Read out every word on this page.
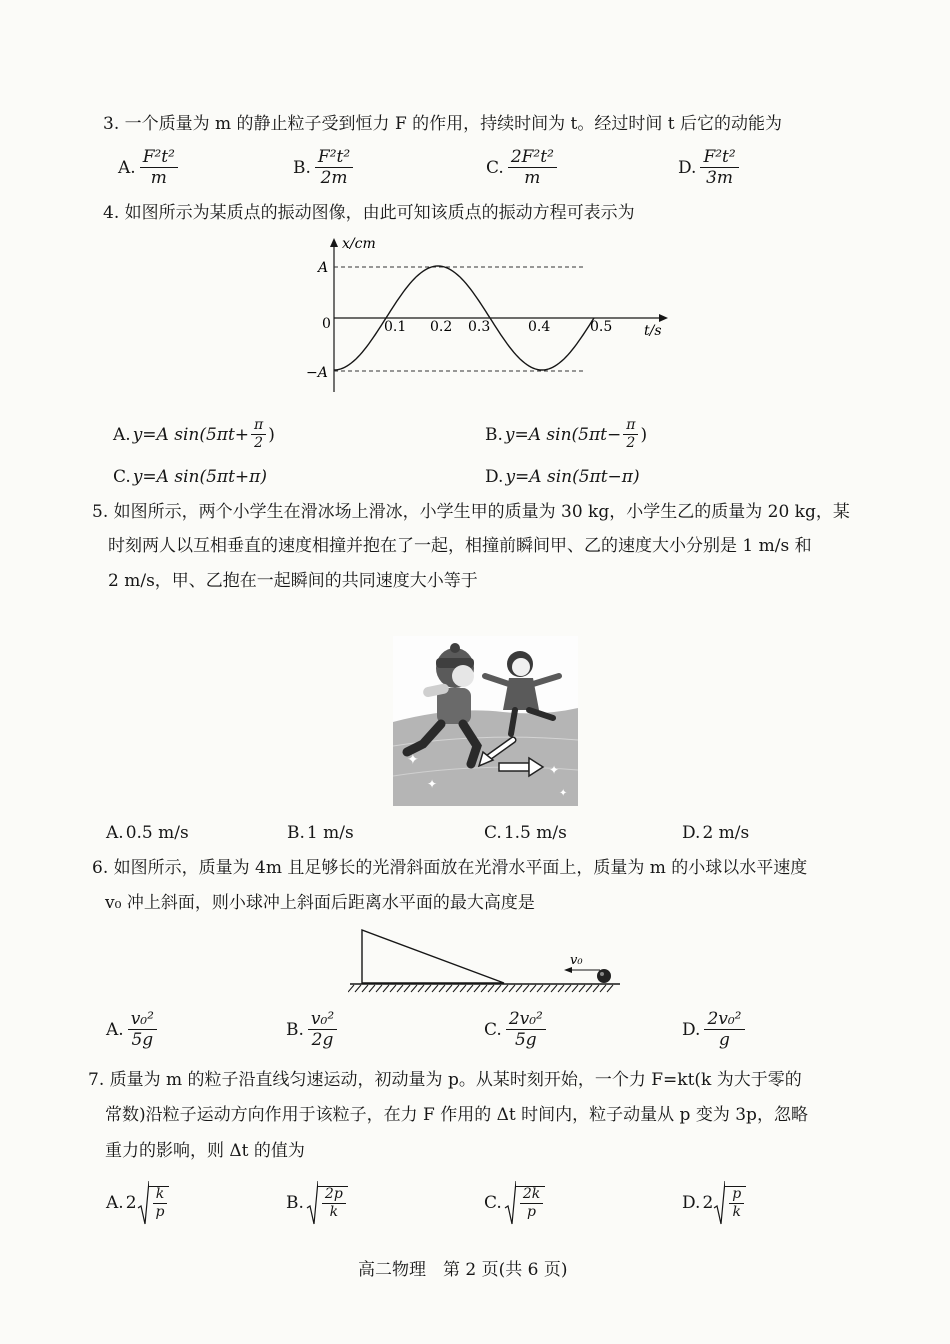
3. 一个质量为 m 的静止粒子受到恒力 F 的作用，持续时间为 t。经过时间 t 后它的动能为
A. $\frac{\text{F²t²}}{m}$	B. $\frac{\text{F²t²}}{2m}$	C. $\frac{\text{2F²t²}}{m}$	D. $\frac{\text{F²t²}}{3m}$
4. 如图所示为某质点的振动图像，由此可知该质点的振动方程可表示为
x/cm
t/s
A
−A
0	0.1 0.2 0.3	0.4	0.5
A. y=A $\sin(5\pi t+ \frac{\pi}{2}$ )	B. y=A $\sin(5\pi t- \frac{\pi}{2}$ )
C. y=A sin(5πt+π)	D. y=A sin(5πt−π)
5. 如图所示，两个小学生在滑冰场上滑冰，小学生甲的质量为 30 kg，小学生乙的质量为 20 kg，某
时刻两人以互相垂直的速度相撞并抱在了一起，相撞前瞬间甲、乙的速度大小分别是 1 m/s 和
2 m/s，甲、乙抱在一起瞬间的共同速度大小等于
✦
✦
✦
✦
A. 0.5 m/s	B. 1 m/s	C. 1.5 m/s	D. 2 m/s
6. 如图所示，质量为 4m 且足够长的光滑斜面放在光滑水平面上，质量为 m 的小球以水平速度
v₀ 冲上斜面，则小球冲上斜面后距离水平面的最大高度是
v₀
A. $\frac{\text{v₀²}}{5g}$	B. $\frac{\text{v₀²}}{2g}$	C. $\frac{\text{2v₀²}}{5g}$	D. $\frac{\text{2v₀²}}{g}$
7. 质量为 m 的粒子沿直线匀速运动，初动量为 p。从某时刻开始，一个力 F=kt(k 为大于零的
常数)沿粒子运动方向作用于该粒子，在力 F 作用的 Δt 时间内，粒子动量从 p 变为 3p，忽略
重力的影响，则 Δt 的值为
A. $2 \frac{k}{p}$	B. $\frac{2p}{k}$	C. $\frac{2k}{p}$	D. $2 \frac{p}{k}$
高二物理　第 2 页(共 6 页)
